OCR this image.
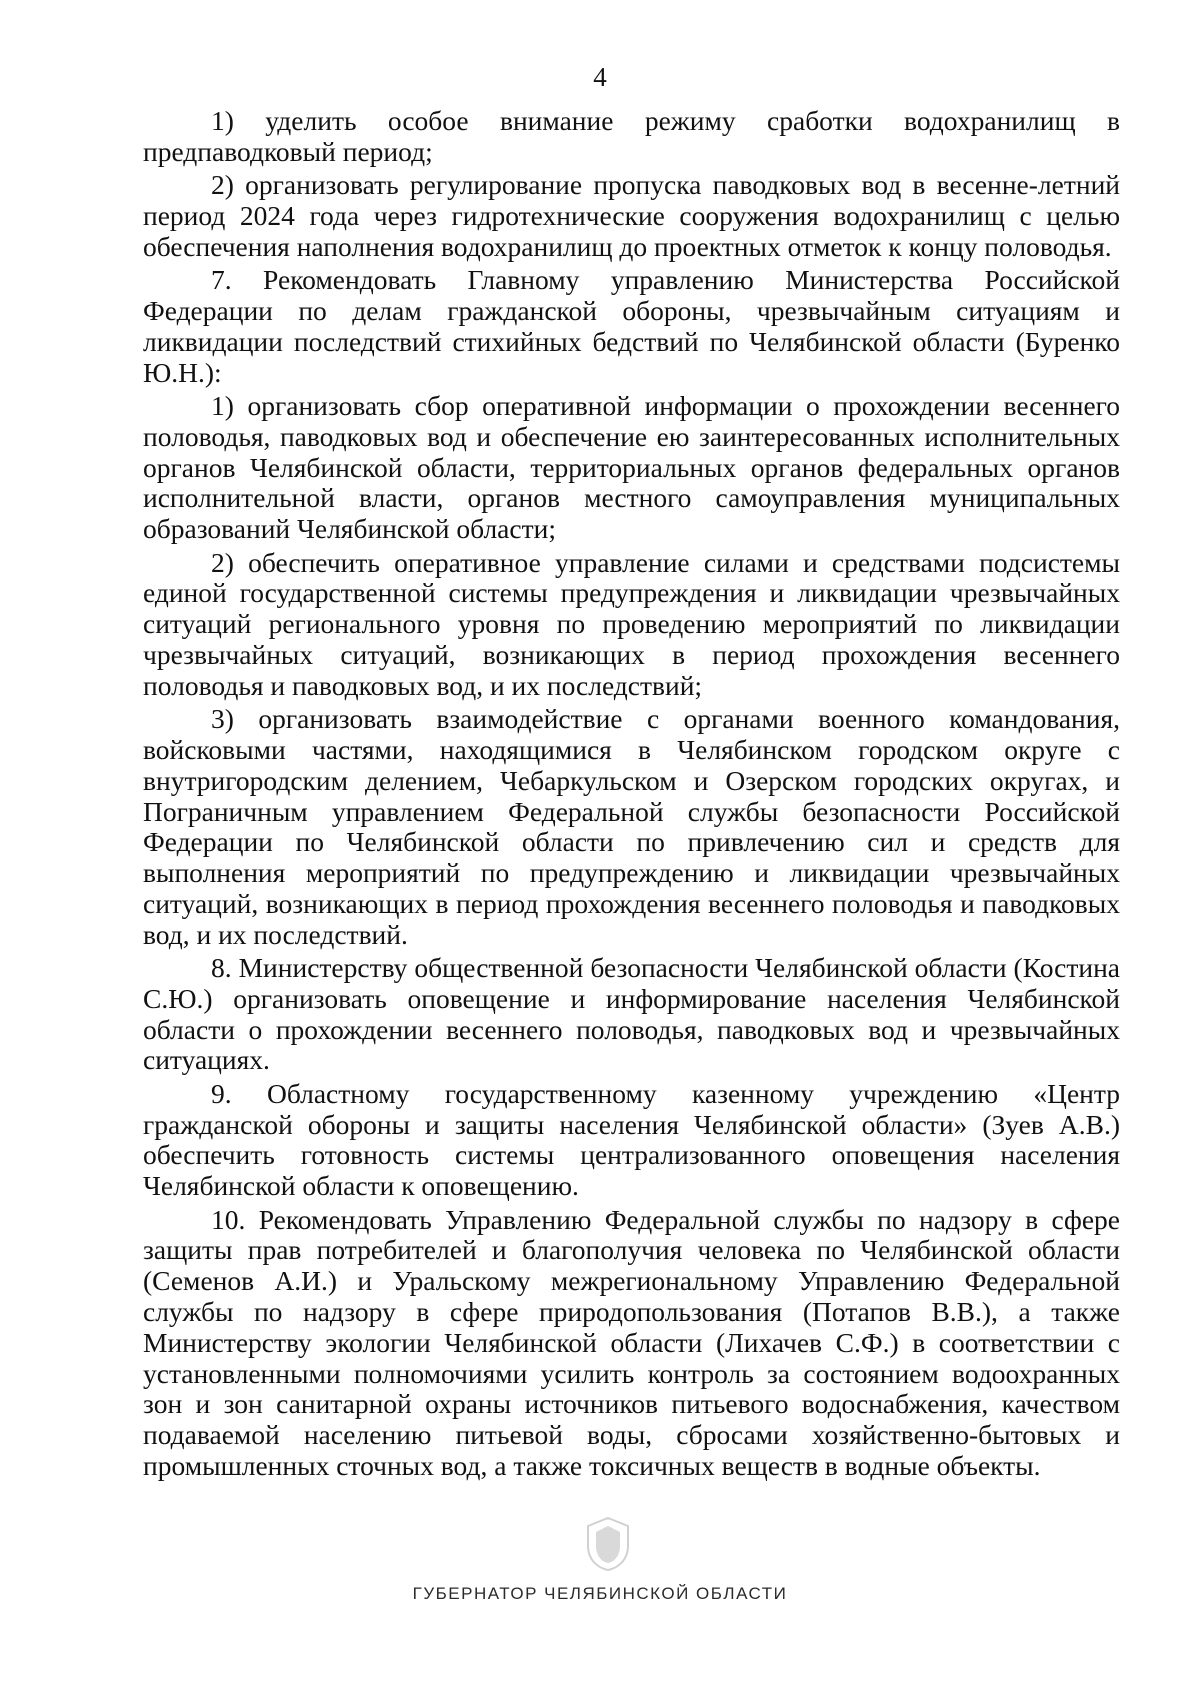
4

1) уделить особое внимание режиму сработки водохранилищ в предпаводковый период;

2) организовать регулирование пропуска паводковых вод в весенне-летний период 2024 года через гидротехнические сооружения водохранилищ с целью обеспечения наполнения водохранилищ до проектных отметок к концу половодья.

7. Рекомендовать Главному управлению Министерства Российской Федерации по делам гражданской обороны, чрезвычайным ситуациям и ликвидации последствий стихийных бедствий по Челябинской области (Буренко Ю.Н.):

1) организовать сбор оперативной информации о прохождении весеннего половодья, паводковых вод и обеспечение ею заинтересованных исполнительных органов Челябинской области, территориальных органов федеральных органов исполнительной власти, органов местного самоуправления муниципальных образований Челябинской области;

2) обеспечить оперативное управление силами и средствами подсистемы единой государственной системы предупреждения и ликвидации чрезвычайных ситуаций регионального уровня по проведению мероприятий по ликвидации чрезвычайных ситуаций, возникающих в период прохождения весеннего половодья и паводковых вод, и их последствий;

3) организовать взаимодействие с органами военного командования, войсковыми частями, находящимися в Челябинском городском округе с внутригородским делением, Чебаркульском и Озерском городских округах, и Пограничным управлением Федеральной службы безопасности Российской Федерации по Челябинской области по привлечению сил и средств для выполнения мероприятий по предупреждению и ликвидации чрезвычайных ситуаций, возникающих в период прохождения весеннего половодья и паводковых вод, и их последствий.

8. Министерству общественной безопасности Челябинской области (Костина С.Ю.) организовать оповещение и информирование населения Челябинской области о прохождении весеннего половодья, паводковых вод и чрезвычайных ситуациях.

9. Областному государственному казенному учреждению «Центр гражданской обороны и защиты населения Челябинской области» (Зуев А.В.) обеспечить готовность системы централизованного оповещения населения Челябинской области к оповещению.

10. Рекомендовать Управлению Федеральной службы по надзору в сфере защиты прав потребителей и благополучия человека по Челябинской области (Семенов А.И.) и Уральскому межрегиональному Управлению Федеральной службы по надзору в сфере природопользования (Потапов В.В.), а также Министерству экологии Челябинской области (Лихачев С.Ф.) в соответствии с установленными полномочиями усилить контроль за состоянием водоохранных зон и зон санитарной охраны источников питьевого водоснабжения, качеством подаваемой населению питьевой воды, сбросами хозяйственно-бытовых и промышленных сточных вод, а также токсичных веществ в водные объекты.

ГУБЕРНАТОР ЧЕЛЯБИНСКОЙ ОБЛАСТИ
